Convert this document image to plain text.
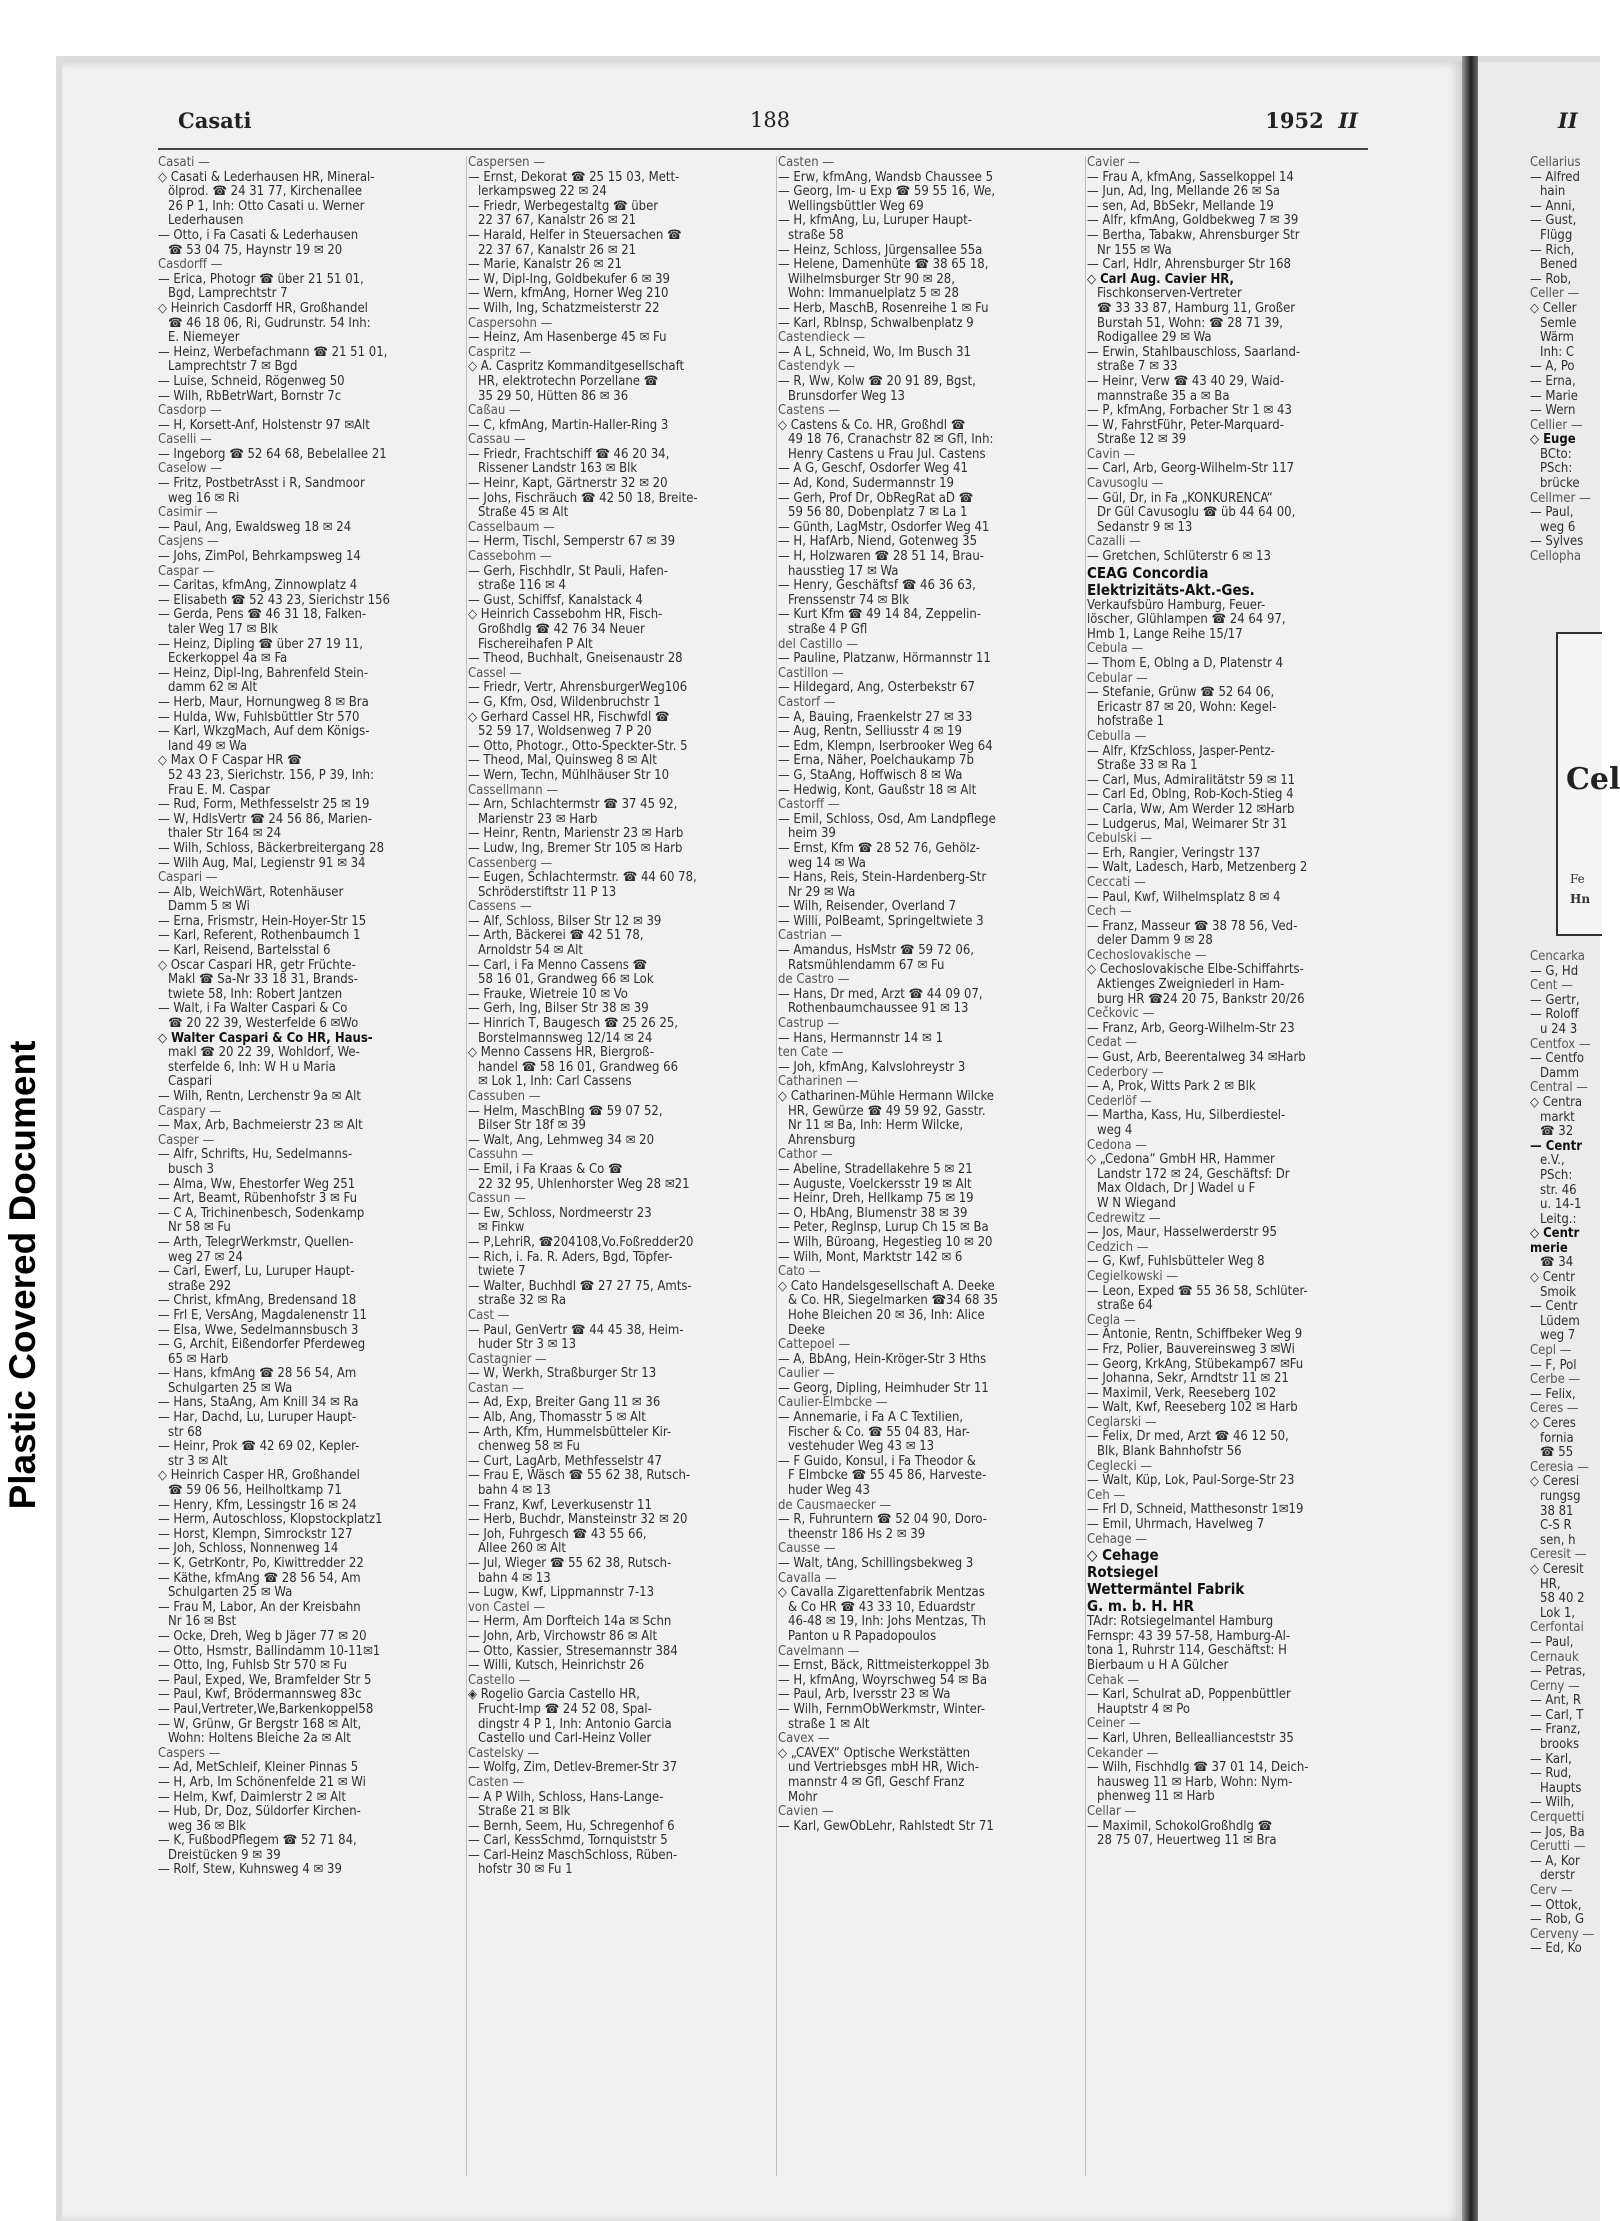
Plastic Covered Document
Casati	188	1952 II	II
Casati —
◇ Casati & Lederhausen HR, Mineral-
ölprod. ☎ 24 31 77, Kirchenallee
26 P 1, Inh: Otto Casati u. Werner
Lederhausen
— Otto, i Fa Casati & Lederhausen
☎ 53 04 75, Haynstr 19 ✉ 20
Casdorff —
— Erica, Photogr ☎ über 21 51 01,
Bgd, Lamprechtstr 7
◇ Heinrich Casdorff HR, Großhandel
☎ 46 18 06, Ri, Gudrunstr. 54 Inh:
E. Niemeyer
— Heinz, Werbefachmann ☎ 21 51 01,
Lamprechtstr 7 ✉ Bgd
— Luise, Schneid, Rögenweg 50
— Wilh, RbBetrWart, Bornstr 7c
Casdorp —
— H, Korsett-Anf, Holstenstr 97 ✉Alt
Caselli —
— Ingeborg ☎ 52 64 68, Bebelallee 21
Caselow —
— Fritz, PostbetrAsst i R, Sandmoor
weg 16 ✉ Ri
Casimir —
— Paul, Ang, Ewaldsweg 18 ✉ 24
Casjens —
— Johs, ZimPol, Behrkampsweg 14
Caspar —
— Caritas, kfmAng, Zinnowplatz 4
— Elisabeth ☎ 52 43 23, Sierichstr 156
— Gerda, Pens ☎ 46 31 18, Falken-
taler Weg 17 ✉ Blk
— Heinz, Dipling ☎ über 27 19 11,
Eckerkoppel 4a ✉ Fa
— Heinz, Dipl-Ing, Bahrenfeld Stein-
damm 62 ✉ Alt
— Herb, Maur, Hornungweg 8 ✉ Bra
— Hulda, Ww, Fuhlsbüttler Str 570
— Karl, WkzgMach, Auf dem Königs-
land 49 ✉ Wa
◇ Max O F Caspar HR ☎
52 43 23, Sierichstr. 156, P 39, Inh:
Frau E. M. Caspar
— Rud, Form, Methfesselstr 25 ✉ 19
— W, HdlsVertr ☎ 24 56 86, Marien-
thaler Str 164 ✉ 24
— Wilh, Schloss, Bäckerbreitergang 28
— Wilh Aug, Mal, Legienstr 91 ✉ 34
Caspari —
— Alb, WeichWärt, Rotenhäuser
Damm 5 ✉ Wi
— Erna, Frismstr, Hein-Hoyer-Str 15
— Karl, Referent, Rothenbaumch 1
— Karl, Reisend, Bartelsstal 6
◇ Oscar Caspari HR, getr Früchte-
Makl ☎ Sa-Nr 33 18 31, Brands-
twiete 58, Inh: Robert Jantzen
— Walt, i Fa Walter Caspari & Co
☎ 20 22 39, Westerfelde 6 ✉Wo
◇ Walter Caspari & Co HR, Haus-
makl ☎ 20 22 39, Wohldorf, We-
sterfelde 6, Inh: W H u Maria
Caspari
— Wilh, Rentn, Lerchenstr 9a ✉ Alt
Caspary —
— Max, Arb, Bachmeierstr 23 ✉ Alt
Casper —
— Alfr, Schrifts, Hu, Sedelmanns-
busch 3
— Alma, Ww, Ehestorfer Weg 251
— Art, Beamt, Rübenhofstr 3 ✉ Fu
— C A, Trichinenbesch, Sodenkamp
Nr 58 ✉ Fu
— Arth, TelegrWerkmstr, Quellen-
weg 27 ✉ 24
— Carl, Ewerf, Lu, Luruper Haupt-
straße 292
— Christ, kfmAng, Bredensand 18
— Frl E, VersAng, Magdalenenstr 11
— Elsa, Wwe, Sedelmannsbusch 3
— G, Archit, Eißendorfer Pferdeweg
65 ✉ Harb
— Hans, kfmAng ☎ 28 56 54, Am
Schulgarten 25 ✉ Wa
— Hans, StaAng, Am Knill 34 ✉ Ra
— Har, Dachd, Lu, Luruper Haupt-
str 68
— Heinr, Prok ☎ 42 69 02, Kepler-
str 3 ✉ Alt
◇ Heinrich Casper HR, Großhandel
☎ 59 06 56, Heilholtkamp 71
— Henry, Kfm, Lessingstr 16 ✉ 24
— Herm, Autoschloss, Klopstockplatz1
— Horst, Klempn, Simrockstr 127
— Joh, Schloss, Nonnenweg 14
— K, GetrKontr, Po, Kiwittredder 22
— Käthe, kfmAng ☎ 28 56 54, Am
Schulgarten 25 ✉ Wa
— Frau M, Labor, An der Kreisbahn
Nr 16 ✉ Bst
— Ocke, Dreh, Weg b Jäger 77 ✉ 20
— Otto, Hsmstr, Ballindamm 10-11✉1
— Otto, Ing, Fuhlsb Str 570 ✉ Fu
— Paul, Exped, We, Bramfelder Str 5
— Paul, Kwf, Brödermannsweg 83c
— Paul,Vertreter,We,Barkenkoppel58
— W, Grünw, Gr Bergstr 168 ✉ Alt,
Wohn: Holtens Bleiche 2a ✉ Alt
Caspers —
— Ad, MetSchleif, Kleiner Pinnas 5
— H, Arb, Im Schönenfelde 21 ✉ Wi
— Helm, Kwf, Daimlerstr 2 ✉ Alt
— Hub, Dr, Doz, Süldorfer Kirchen-
weg 36 ✉ Blk
— K, FußbodPflegem ☎ 52 71 84,
Dreistücken 9 ✉ 39
— Rolf, Stew, Kuhnsweg 4 ✉ 39
Caspersen —
— Ernst, Dekorat ☎ 25 15 03, Mett-
lerkampsweg 22 ✉ 24
— Friedr, Werbegestaltg ☎ über
22 37 67, Kanalstr 26 ✉ 21
— Harald, Helfer in Steuersachen ☎
22 37 67, Kanalstr 26 ✉ 21
— Marie, Kanalstr 26 ✉ 21
— W, Dipl-Ing, Goldbekufer 6 ✉ 39
— Wern, kfmAng, Horner Weg 210
— Wilh, Ing, Schatzmeisterstr 22
Caspersohn —
— Heinz, Am Hasenberge 45 ✉ Fu
Caspritz —
◇ A. Caspritz Kommanditgesellschaft
HR, elektrotechn Porzellane ☎
35 29 50, Hütten 86 ✉ 36
Caßau —
— C, kfmAng, Martin-Haller-Ring 3
Cassau —
— Friedr, Frachtschiff ☎ 46 20 34,
Rissener Landstr 163 ✉ Blk
— Heinr, Kapt, Gärtnerstr 32 ✉ 20
— Johs, Fischräuch ☎ 42 50 18, Breite-
Straße 45 ✉ Alt
Casselbaum —
— Herm, Tischl, Semperstr 67 ✉ 39
Cassebohm —
— Gerh, Fischhdlr, St Pauli, Hafen-
straße 116 ✉ 4
— Gust, Schiffsf, Kanalstack 4
◇ Heinrich Cassebohm HR, Fisch-
Großhdlg ☎ 42 76 34 Neuer
Fischereihafen P Alt
— Theod, Buchhalt, Gneisenaustr 28
Cassel —
— Friedr, Vertr, AhrensburgerWeg106
— G, Kfm, Osd, Wildenbruchstr 1
◇ Gerhard Cassel HR, Fischwfdl ☎
52 59 17, Woldsenweg 7 P 20
— Otto, Photogr., Otto-Speckter-Str. 5
— Theod, Mal, Quinsweg 8 ✉ Alt
— Wern, Techn, Mühlhäuser Str 10
Cassellmann —
— Arn, Schlachtermstr ☎ 37 45 92,
Marienstr 23 ✉ Harb
— Heinr, Rentn, Marienstr 23 ✉ Harb
— Ludw, Ing, Bremer Str 105 ✉ Harb
Cassenberg —
— Eugen, Schlachtermstr. ☎ 44 60 78,
Schröderstiftstr 11 P 13
Cassens —
— Alf, Schloss, Bilser Str 12 ✉ 39
— Arth, Bäckerei ☎ 42 51 78,
Arnoldstr 54 ✉ Alt
— Carl, i Fa Menno Cassens ☎
58 16 01, Grandweg 66 ✉ Lok
— Frauke, Wietreie 10 ✉ Vo
— Gerh, Ing, Bilser Str 38 ✉ 39
— Hinrich T, Baugesch ☎ 25 26 25,
Borstelmannsweg 12/14 ✉ 24
◇ Menno Cassens HR, Biergroß-
handel ☎ 58 16 01, Grandweg 66
✉ Lok 1, Inh: Carl Cassens
Cassuben —
— Helm, MaschBlng ☎ 59 07 52,
Bilser Str 18f ✉ 39
— Walt, Ang, Lehmweg 34 ✉ 20
Cassuhn —
— Emil, i Fa Kraas & Co ☎
22 32 95, Uhlenhorster Weg 28 ✉21
Cassun —
— Ew, Schloss, Nordmeerstr 23
✉ Finkw
— P,LehriR, ☎204108,Vo.Foßredder20
— Rich, i. Fa. R. Aders, Bgd, Töpfer-
twiete 7
— Walter, Buchhdl ☎ 27 27 75, Amts-
straße 32 ✉ Ra
Cast —
— Paul, GenVertr ☎ 44 45 38, Heim-
huder Str 3 ✉ 13
Castagnier —
— W, Werkh, Straßburger Str 13
Castan —
— Ad, Exp, Breiter Gang 11 ✉ 36
— Alb, Ang, Thomasstr 5 ✉ Alt
— Arth, Kfm, Hummelsbütteler Kir-
chenweg 58 ✉ Fu
— Curt, LagArb, Methfesselstr 47
— Frau E, Wäsch ☎ 55 62 38, Rutsch-
bahn 4 ✉ 13
— Franz, Kwf, Leverkusenstr 11
— Herb, Buchdr, Mansteinstr 32 ✉ 20
— Joh, Fuhrgesch ☎ 43 55 66,
Allee 260 ✉ Alt
— Jul, Wieger ☎ 55 62 38, Rutsch-
bahn 4 ✉ 13
— Lugw, Kwf, Lippmannstr 7-13
von Castel —
— Herm, Am Dorfteich 14a ✉ Schn
— John, Arb, Virchowstr 86 ✉ Alt
— Otto, Kassier, Stresemannstr 384
— Willi, Kutsch, Heinrichstr 26
Castello —
◈ Rogelio Garcia Castello HR,
Frucht-Imp ☎ 24 52 08, Spal-
dingstr 4 P 1, Inh: Antonio Garcia
Castello und Carl-Heinz Voller
Castelsky —
— Wolfg, Zim, Detlev-Bremer-Str 37
Casten —
— A P Wilh, Schloss, Hans-Lange-
Straße 21 ✉ Blk
— Bernh, Seem, Hu, Schregenhof 6
— Carl, KessSchmd, Tornquiststr 5
— Carl-Heinz MaschSchloss, Rüben-
hofstr 30 ✉ Fu 1
Casten —
— Erw, kfmAng, Wandsb Chaussee 5
— Georg, Im- u Exp ☎ 59 55 16, We,
Wellingsbüttler Weg 69
— H, kfmAng, Lu, Luruper Haupt-
straße 58
— Heinz, Schloss, Jürgensallee 55a
— Helene, Damenhüte ☎ 38 65 18,
Wilhelmsburger Str 90 ✉ 28,
Wohn: Immanuelplatz 5 ✉ 28
— Herb, MaschB, Rosenreihe 1 ✉ Fu
— Karl, Rblnsp, Schwalbenplatz 9
Castendieck —
— A L, Schneid, Wo, Im Busch 31
Castendyk —
— R, Ww, Kolw ☎ 20 91 89, Bgst,
Brunsdorfer Weg 13
Castens —
◇ Castens & Co. HR, Großhdl ☎
49 18 76, Cranachstr 82 ✉ Gfl, Inh:
Henry Castens u Frau Jul. Castens
— A G, Geschf, Osdorfer Weg 41
— Ad, Kond, Sudermannstr 19
— Gerh, Prof Dr, ObRegRat aD ☎
59 56 80, Dobenplatz 7 ✉ La 1
— Günth, LagMstr, Osdorfer Weg 41
— H, HafArb, Niend, Gotenweg 35
— H, Holzwaren ☎ 28 51 14, Brau-
hausstieg 17 ✉ Wa
— Henry, Geschäftsf ☎ 46 36 63,
Frenssenstr 74 ✉ Blk
— Kurt Kfm ☎ 49 14 84, Zeppelin-
straße 4 P Gfl
del Castillo —
— Pauline, Platzanw, Hörmannstr 11
Castillon —
— Hildegard, Ang, Osterbekstr 67
Castorf —
— A, Bauing, Fraenkelstr 27 ✉ 33
— Aug, Rentn, Selliusstr 4 ✉ 19
— Edm, Klempn, Iserbrooker Weg 64
— Erna, Näher, Poelchaukamp 7b
— G, StaAng, Hoffwisch 8 ✉ Wa
— Hedwig, Kont, Gaußstr 18 ✉ Alt
Castorff —
— Emil, Schloss, Osd, Am Landpflege
heim 39
— Ernst, Kfm ☎ 28 52 76, Gehölz-
weg 14 ✉ Wa
— Hans, Reis, Stein-Hardenberg-Str
Nr 29 ✉ Wa
— Wilh, Reisender, Overland 7
— Willi, PolBeamt, Springeltwiete 3
Castrian —
— Amandus, HsMstr ☎ 59 72 06,
Ratsmühlendamm 67 ✉ Fu
de Castro —
— Hans, Dr med, Arzt ☎ 44 09 07,
Rothenbaumchaussee 91 ✉ 13
Castrup —
— Hans, Hermannstr 14 ✉ 1
ten Cate —
— Joh, kfmAng, Kalvslohreystr 3
Catharinen —
◇ Catharinen-Mühle Hermann Wilcke
HR, Gewürze ☎ 49 59 92, Gasstr.
Nr 11 ✉ Ba, Inh: Herm Wilcke,
Ahrensburg
Cathor —
— Abeline, Stradellakehre 5 ✉ 21
— Auguste, Voelckersstr 19 ✉ Alt
— Heinr, Dreh, Hellkamp 75 ✉ 19
— O, HbAng, Blumenstr 38 ✉ 39
— Peter, Reglnsp, Lurup Ch 15 ✉ Ba
— Wilh, Büroang, Hegestieg 10 ✉ 20
— Wilh, Mont, Marktstr 142 ✉ 6
Cato —
◇ Cato Handelsgesellschaft A. Deeke
& Co. HR, Siegelmarken ☎34 68 35
Hohe Bleichen 20 ✉ 36, Inh: Alice
Deeke
Cattepoel —
— A, BbAng, Hein-Kröger-Str 3 Hths
Caulier —
— Georg, Dipling, Heimhuder Str 11
Caulier-Elmbcke —
— Annemarie, i Fa A C Textilien,
Fischer & Co. ☎ 55 04 83, Har-
vestehuder Weg 43 ✉ 13
— F Guido, Konsul, i Fa Theodor &
F Elmbcke ☎ 55 45 86, Harveste-
huder Weg 43
de Causmaecker —
— R, Fuhruntern ☎ 52 04 90, Doro-
theenstr 186 Hs 2 ✉ 39
Causse —
— Walt, tAng, Schillingsbekweg 3
Cavalla —
◇ Cavalla Zigarettenfabrik Mentzas
& Co HR ☎ 43 33 10, Eduardstr
46-48 ✉ 19, Inh: Johs Mentzas, Th
Panton u R Papadopoulos
Cavelmann —
— Ernst, Bäck, Rittmeisterkoppel 3b
— H, kfmAng, Woyrschweg 54 ✉ Ba
— Paul, Arb, Iversstr 23 ✉ Wa
— Wilh, FernmObWerkmstr, Winter-
straße 1 ✉ Alt
Cavex —
◇ „CAVEX“ Optische Werkstätten
und Vertriebsges mbH HR, Wich-
mannstr 4 ✉ Gfl, Geschf Franz
Mohr
Cavien —
— Karl, GewObLehr, Rahlstedt Str 71
Cavier —
— Frau A, kfmAng, Sasselkoppel 14
— Jun, Ad, Ing, Mellande 26 ✉ Sa
— sen, Ad, BbSekr, Mellande 19
— Alfr, kfmAng, Goldbekweg 7 ✉ 39
— Bertha, Tabakw, Ahrensburger Str
Nr 155 ✉ Wa
— Carl, Hdlr, Ahrensburger Str 168
◇ Carl Aug. Cavier HR,
Fischkonserven-Vertreter
☎ 33 33 87, Hamburg 11, Großer
Burstah 51, Wohn: ☎ 28 71 39,
Rodigallee 29 ✉ Wa
— Erwin, Stahlbauschloss, Saarland-
straße 7 ✉ 33
— Heinr, Verw ☎ 43 40 29, Waid-
mannstraße 35 a ✉ Ba
— P, kfmAng, Forbacher Str 1 ✉ 43
— W, FahrstFühr, Peter-Marquard-
Straße 12 ✉ 39
Cavin —
— Carl, Arb, Georg-Wilhelm-Str 117
Cavusoglu —
— Gül, Dr, in Fa „KONKURENCA“
Dr Gül Cavusoglu ☎ üb 44 64 00,
Sedanstr 9 ✉ 13
Cazalli —
— Gretchen, Schlüterstr 6 ✉ 13
CEAG Concordia
Elektrizitäts-Akt.-Ges.
Verkaufsbüro Hamburg, Feuer-
löscher, Glühlampen ☎ 24 64 97,
Hmb 1, Lange Reihe 15/17
Cebula —
— Thom E, Oblng a D, Platenstr 4
Cebular —
— Stefanie, Grünw ☎ 52 64 06,
Ericastr 87 ✉ 20, Wohn: Kegel-
hofstraße 1
Cebulla —
— Alfr, KfzSchloss, Jasper-Pentz-
Straße 33 ✉ Ra 1
— Carl, Mus, Admiralitätstr 59 ✉ 11
— Carl Ed, Oblng, Rob-Koch-Stieg 4
— Carla, Ww, Am Werder 12 ✉Harb
— Ludgerus, Mal, Weimarer Str 31
Cebulski —
— Erh, Rangier, Veringstr 137
— Walt, Ladesch, Harb, Metzenberg 2
Ceccati —
— Paul, Kwf, Wilhelmsplatz 8 ✉ 4
Cech —
— Franz, Masseur ☎ 38 78 56, Ved-
deler Damm 9 ✉ 28
Cechoslovakische —
◇ Cechoslovakische Elbe-Schiffahrts-
Aktienges Zweigniederl in Ham-
burg HR ☎24 20 75, Bankstr 20/26
Cečkovic —
— Franz, Arb, Georg-Wilhelm-Str 23
Cedat —
— Gust, Arb, Beerentalweg 34 ✉Harb
Cederbory —
— A, Prok, Witts Park 2 ✉ Blk
Cederlöf —
— Martha, Kass, Hu, Silberdiestel-
weg 4
Cedona —
◇ „Cedona“ GmbH HR, Hammer
Landstr 172 ✉ 24, Geschäftsf: Dr
Max Oldach, Dr J Wadel u F
W N Wiegand
Cedrewitz —
— Jos, Maur, Hasselwerderstr 95
Cedzich —
— G, Kwf, Fuhlsbütteler Weg 8
Cegielkowski —
— Leon, Exped ☎ 55 36 58, Schlüter-
straße 64
Cegla —
— Antonie, Rentn, Schiffbeker Weg 9
— Frz, Polier, Bauvereinsweg 3 ✉Wi
— Georg, KrkAng, Stübekamp67 ✉Fu
— Johanna, Sekr, Arndtstr 11 ✉ 21
— Maximil, Verk, Reeseberg 102
— Walt, Kwf, Reeseberg 102 ✉ Harb
Ceglarski —
— Felix, Dr med, Arzt ☎ 46 12 50,
Blk, Blank Bahnhofstr 56
Ceglecki —
— Walt, Küp, Lok, Paul-Sorge-Str 23
Ceh —
— Frl D, Schneid, Matthesonstr 1✉19
— Emil, Uhrmach, Havelweg 7
Cehage —
◇ Cehage
Rotsiegel
Wettermäntel Fabrik
G. m. b. H. HR
TAdr: Rotsiegelmantel Hamburg
Fernspr: 43 39 57-58, Hamburg-Al-
tona 1, Ruhrstr 114, Geschäftst: H
Bierbaum u H A Gülcher
Cehak —
— Karl, Schulrat aD, Poppenbüttler
Hauptstr 4 ✉ Po
Ceiner —
— Karl, Uhren, Belleallianceststr 35
Cekander —
— Wilh, Fischhdlg ☎ 37 01 14, Deich-
hausweg 11 ✉ Harb, Wohn: Nym-
phenweg 11 ✉ Harb
Cellar —
— Maximil, SchokolGroßhdlg ☎
28 75 07, Heuertweg 11 ✉ Bra
Cellarius
— Alfred
hain
— Anni,
— Gust,
Flügg
— Rich,
Bened
— Rob,
Celler —
◇ Celler
Semle
Wärm
Inh: C
— A, Po
— Erna,
— Marie
— Wern
Cellier —
◇ Euge
BCto:
PSch:
brücke
Cellmer —
— Paul,
weg 6
— Sylves
Cellopha
Cencarka
— G, Hd
Cent —
— Gertr,
— Roloff
u 24 3
Centfox —
— Centfo
Damm
Central —
◇ Centra
markt
☎ 32
— Centr
e.V.,
PSch:
str. 46
u. 14-1
Leitg.:
◇ Centr
merie
☎ 34
◇ Centr
Smoik
— Centr
Lüdem
weg 7
Cepl —
— F, Pol
Cerbe —
— Felix,
Ceres —
◇ Ceres
fornia
☎ 55
Ceresia —
◇ Ceresi
rungsg
38 81
C-S R
sen, h
Ceresit —
◇ Ceresit
HR,
58 40 2
Lok 1,
Cerfontai
— Paul,
Cernauk
— Petras,
Cerny —
— Ant, R
— Carl, T
— Franz,
brooks
— Karl,
— Rud,
Haupts
— Wilh,
Cerquetti
— Jos, Ba
Cerutti —
— A, Kor
derstr
Cerv —
— Ottok,
— Rob, G
Cerveny —
— Ed, Ko
Cel
Fe
Hn
